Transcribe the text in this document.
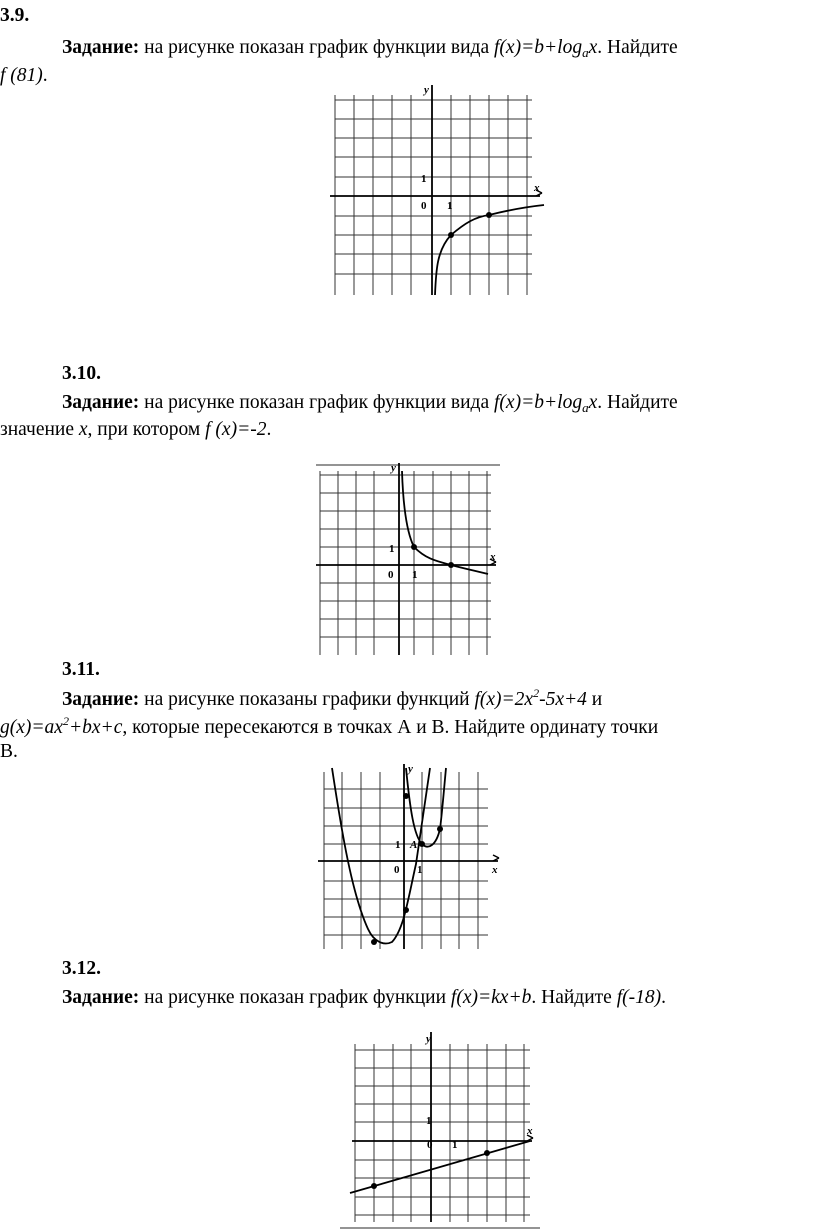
3.9.
Задание: на рисунке показан график функции вида $f(x)=b+\log_ax$. Найдите
f (81).
x
y
0 1
1
3.10.
Задание: на рисунке показан график функции вида $f(x)=b+\log_ax$. Найдите
значение x, при котором f (x)=-2.
x
y
0 1
1
3.11.
Задание: на рисунке показаны графики функций $f(x)=2x^2-5x+4$ и
$g(x)=ax^2+bx+c$, которые пересекаются в точках А и В. Найдите ординату точки
В.
x
y
0 1
1 A
3.12.
Задание: на рисунке показан график функции f(x)=kx+b. Найдите f(-18).
x
y
0 1
1
